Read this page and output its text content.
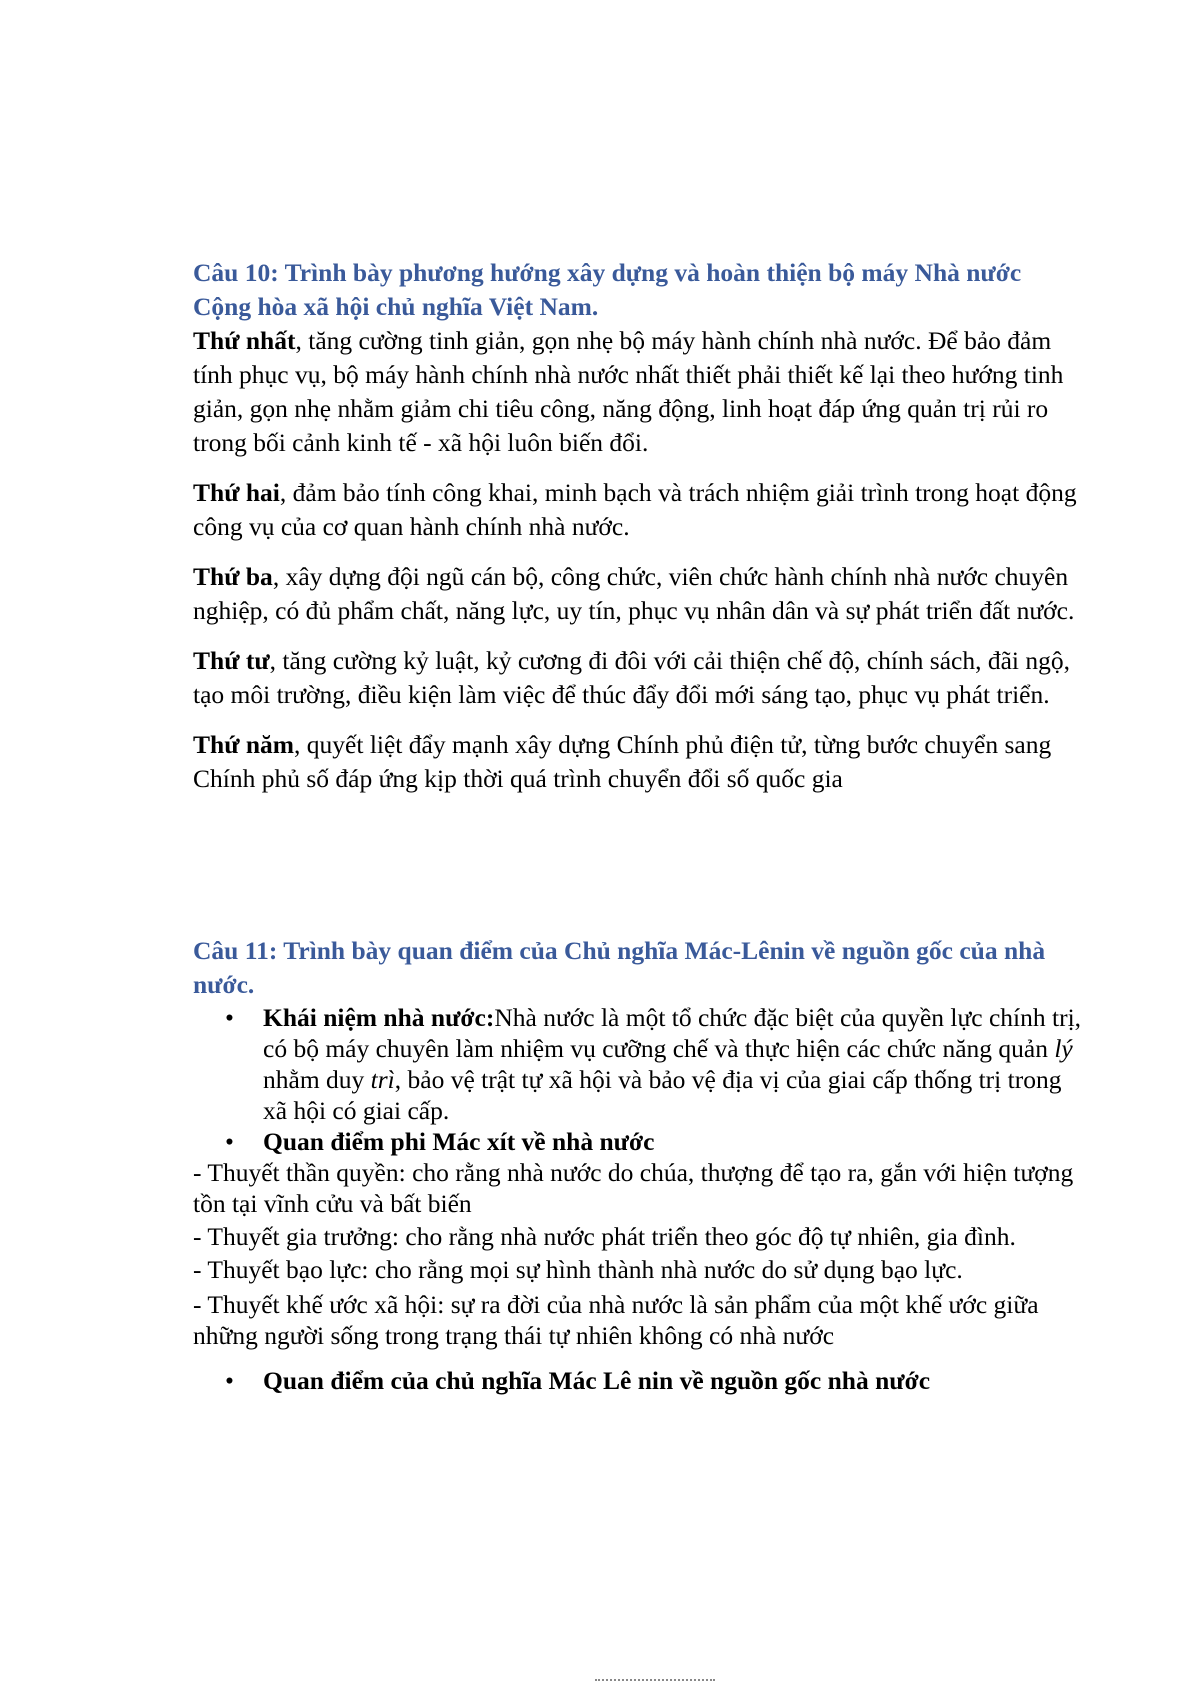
Câu 10: Trình bày phương hướng xây dựng và hoàn thiện bộ máy Nhà nước Cộng hòa xã hội chủ nghĩa Việt Nam.

Thứ nhất, tăng cường tinh giản, gọn nhẹ bộ máy hành chính nhà nước. Để bảo đảm tính phục vụ, bộ máy hành chính nhà nước nhất thiết phải thiết kế lại theo hướng tinh giản, gọn nhẹ nhằm giảm chi tiêu công, năng động, linh hoạt đáp ứng quản trị rủi ro trong bối cảnh kinh tế - xã hội luôn biến đổi.

Thứ hai, đảm bảo tính công khai, minh bạch và trách nhiệm giải trình trong hoạt động công vụ của cơ quan hành chính nhà nước.

Thứ ba, xây dựng đội ngũ cán bộ, công chức, viên chức hành chính nhà nước chuyên nghiệp, có đủ phẩm chất, năng lực, uy tín, phục vụ nhân dân và sự phát triển đất nước.

Thứ tư, tăng cường kỷ luật, kỷ cương đi đôi với cải thiện chế độ, chính sách, đãi ngộ, tạo môi trường, điều kiện làm việc để thúc đẩy đổi mới sáng tạo, phục vụ phát triển.

Thứ năm, quyết liệt đẩy mạnh xây dựng Chính phủ điện tử, từng bước chuyển sang Chính phủ số đáp ứng kịp thời quá trình chuyển đổi số quốc gia

Câu 11: Trình bày quan điểm của Chủ nghĩa Mác-Lênin về nguồn gốc của nhà nước.

• Khái niệm nhà nước:Nhà nước là một tổ chức đặc biệt của quyền lực chính trị, có bộ máy chuyên làm nhiệm vụ cưỡng chế và thực hiện các chức năng quản lý nhằm duy trì, bảo vệ trật tự xã hội và bảo vệ địa vị của giai cấp thống trị trong xã hội có giai cấp.
• Quan điểm phi Mác xít về nhà nước

- Thuyết thần quyền: cho rằng nhà nước do chúa, thượng để tạo ra, gắn với hiện tượng tồn tại vĩnh cửu và bất biến

- Thuyết gia trưởng: cho rằng nhà nước phát triển theo góc độ tự nhiên, gia đình.

- Thuyết bạo lực: cho rằng mọi sự hình thành nhà nước do sử dụng bạo lực.

- Thuyết khế ước xã hội: sự ra đời của nhà nước là sản phẩm của một khế ước giữa những người sống trong trạng thái tự nhiên không có nhà nước

• Quan điểm của chủ nghĩa Mác Lê nin về nguồn gốc nhà nước
